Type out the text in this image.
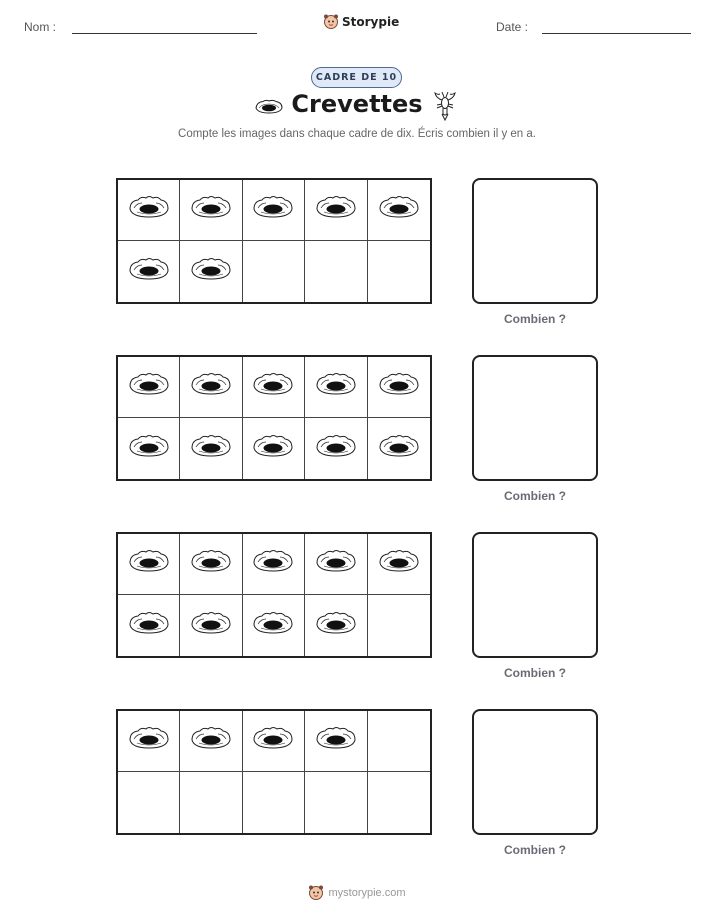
Nom :	Storypie	Date :
CADRE DE 10
Crevettes
Compte les images dans chaque cadre de dix. Écris combien il y en a.
Combien ?
Combien ?
Combien ?
Combien ?
mystorypie.com
